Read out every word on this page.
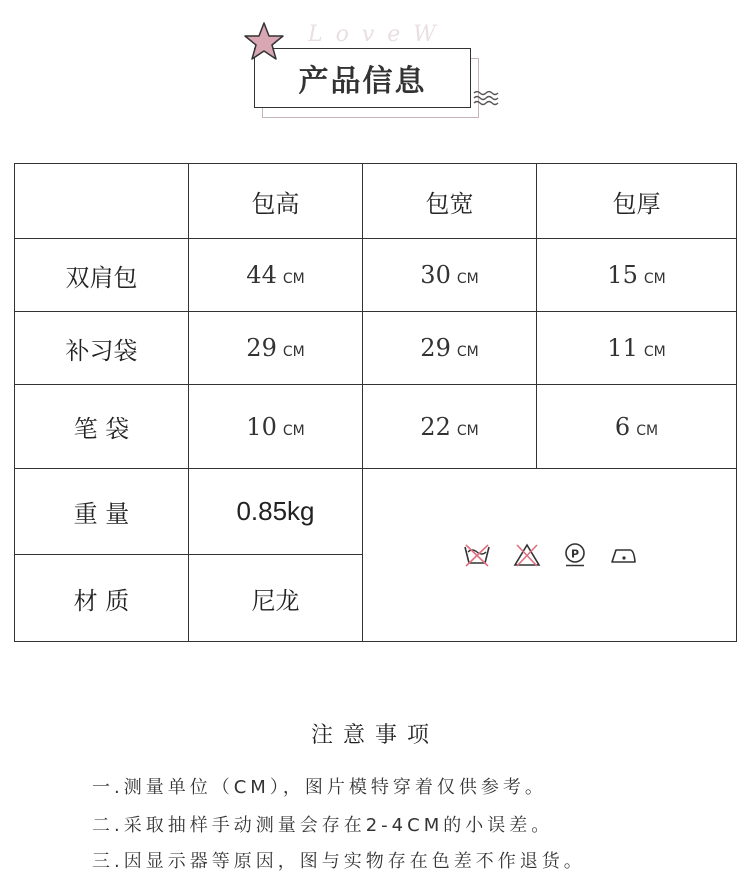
L o v e W
产品信息
	包高	包宽	包厚
双肩包	44 CM	30 CM	15 CM
补习袋	29 CM	29 CM	11 CM
笔 袋	10 CM	22 CM	6 CM
重 量	0.85kg	P	

材 质	尼龙		
注意事项
一.测量单位（CM），图片模特穿着仅供参考。
二.采取抽样手动测量会存在2-4CM的小误差。
三.因显示器等原因，图与实物存在色差不作退货。
